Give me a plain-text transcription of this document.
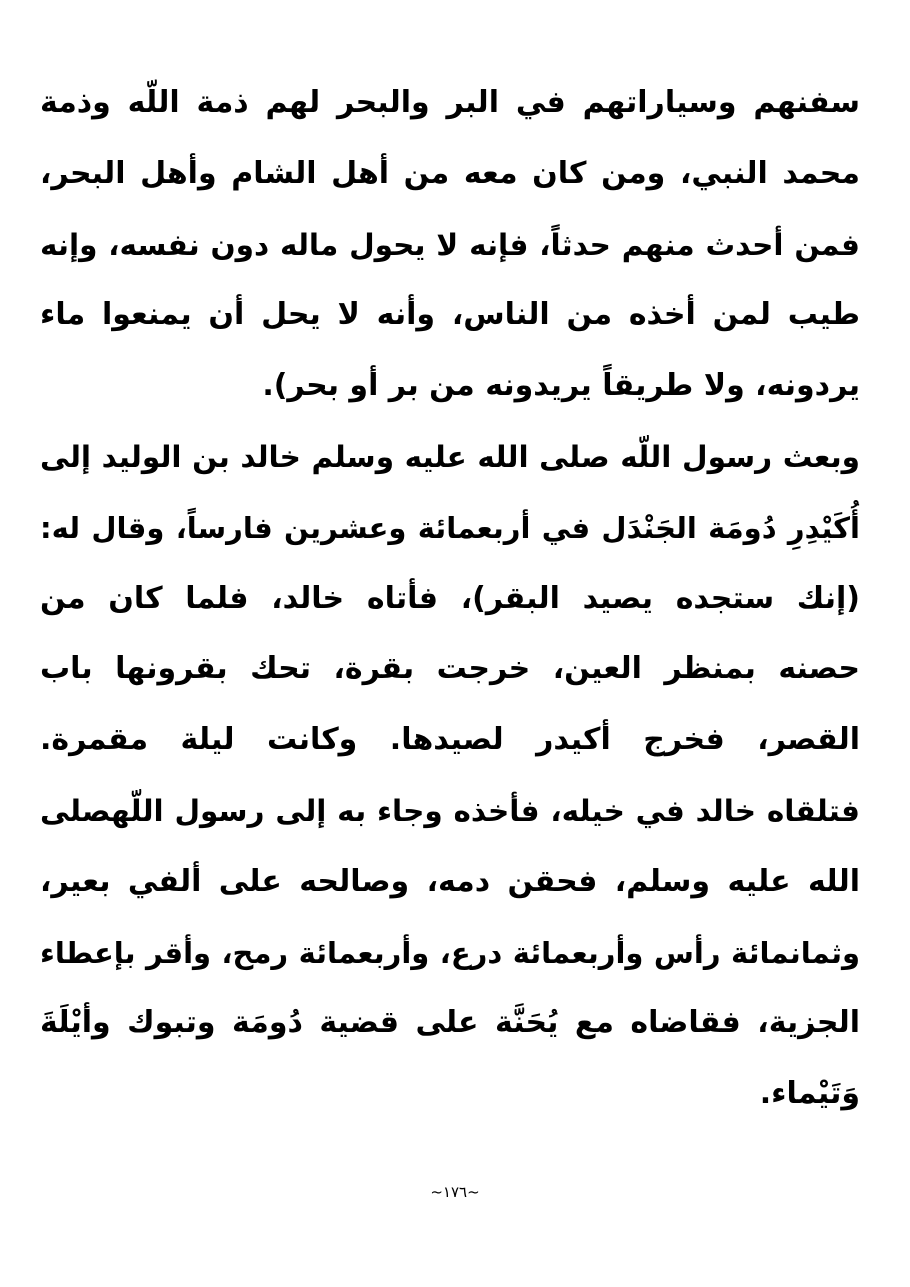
سفنهم وسياراتهم في البر والبحر لهم ذمة اللّه وذمة
محمد النبي، ومن كان معه من أهل الشام وأهل البحر،
فمن أحدث منهم حدثاً، فإنه لا يحول ماله دون نفسه، وإنه
طيب لمن أخذه من الناس، وأنه لا يحل أن يمنعوا ماء
يردونه، ولا طريقاً يريدونه من بر أو بحر).
وبعث رسول اللّه صلى الله عليه وسلم خالد بن الوليد إلى
أُكَيْدِرِ دُومَة الجَنْدَل في أربعمائة وعشرين فارساً، وقال له:
(إنك ستجده يصيد البقر)، فأتاه خالد، فلما كان من
حصنه بمنظر العين، خرجت بقرة، تحك بقرونها باب
القصر، فخرج أكيدر لصيدها. وكانت ليلة مقمرة.
فتلقاه خالد في خيله، فأخذه وجاء به إلى رسول اللّهصلى
الله عليه وسلم، فحقن دمه، وصالحه على ألفي بعير،
وثمانمائة رأس وأربعمائة درع، وأربعمائة رمح، وأقر بإعطاء
الجزية، فقاضاه مع يُحَنَّة على قضية دُومَة وتبوك وأيْلَةَ
وَتَيْماء.
~١٧٦~
